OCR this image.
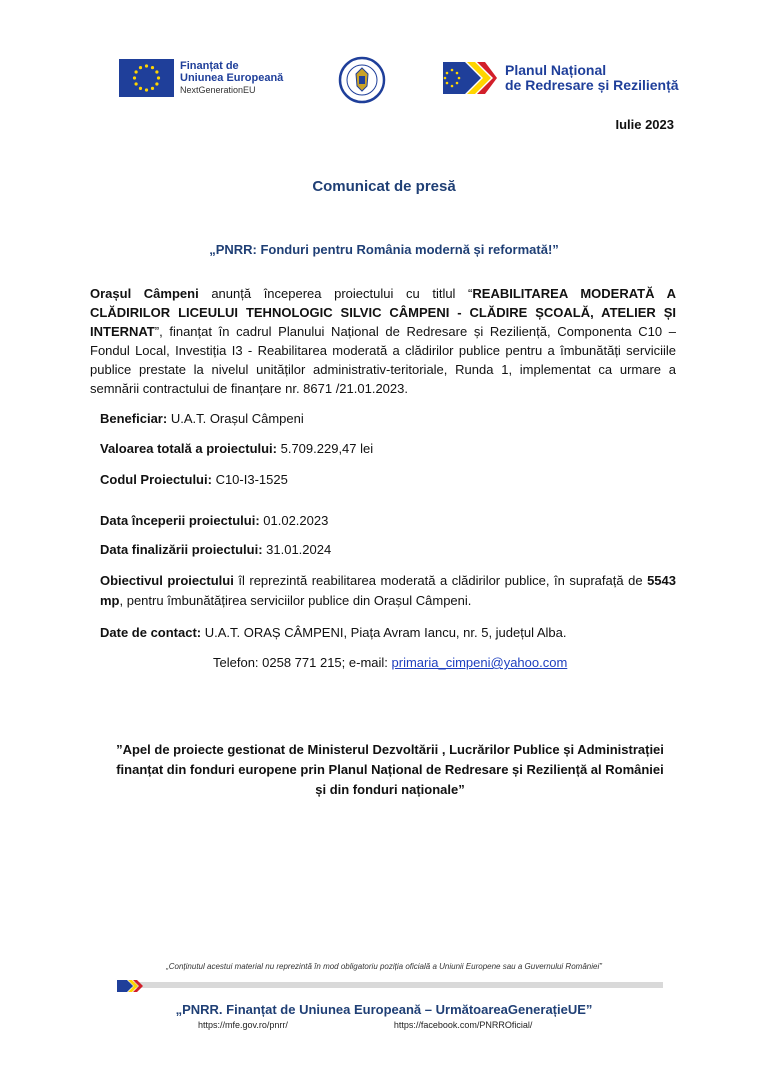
Finanțat de
Uniunea Europeană
NextGenerationEU
Planul Național
de Redresare și Reziliență
Iulie 2023
Comunicat de presă
„PNRR: Fonduri pentru România modernă și reformată!”
Orașul Câmpeni anunță începerea proiectului cu titlul “REABILITAREA MODERATĂ A CLĂDIRILOR LICEULUI TEHNOLOGIC SILVIC CÂMPENI - CLĂDIRE ȘCOALĂ, ATELIER ȘI INTERNAT”, finanțat în cadrul Planului Național de Redresare și Reziliență, Componenta C10 – Fondul Local, Investiția I3 - Reabilitarea moderată a clădirilor publice pentru a îmbunătăți serviciile publice prestate la nivelul unităților administrativ-teritoriale, Runda 1, implementat ca urmare a semnării contractului de finanțare nr. 8671 /21.01.2023.
Beneficiar: U.A.T. Orașul Câmpeni
Valoarea totală a proiectului: 5.709.229,47 lei
Codul Proiectului: C10-I3-1525
Data începerii proiectului: 01.02.2023
Data finalizării proiectului: 31.01.2024
Obiectivul proiectului îl reprezintă reabilitarea moderată a clădirilor publice, în suprafață de 5543 mp, pentru îmbunătățirea serviciilor publice din Orașul Câmpeni.
Date de contact: U.A.T. ORAȘ CÂMPENI, Piața Avram Iancu, nr. 5, județul Alba.
Telefon: 0258 771 215; e-mail: primaria_cimpeni@yahoo.com
”Apel de proiecte gestionat de Ministerul Dezvoltării , Lucrărilor Publice și Administrației finanțat din fonduri europene prin Planul Național de Redresare și Reziliență al României și din fonduri naționale”
„Conținutul acestui material nu reprezintă în mod obligatoriu poziția oficială a Uniunii Europene sau a Guvernului României”
„PNRR. Finanțat de Uniunea Europeană – UrmătoareaGenerațieUE”
https://mfe.gov.ro/pnrr/	https://facebook.com/PNRROficial/
